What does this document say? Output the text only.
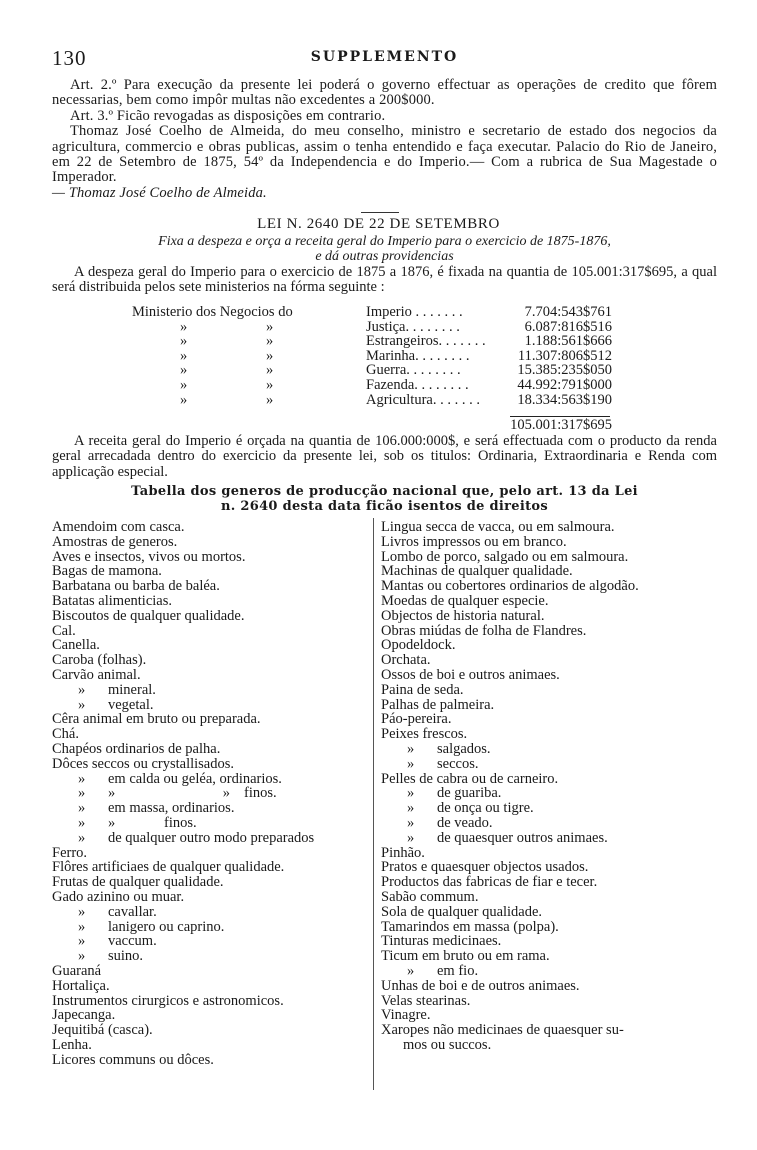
130	SUPPLEMENTO

Art. 2.º Para execução da presente lei poderá o governo effectuar as operações de credito que fôrem necessarias, bem como impôr multas não excedentes a 200$000.

Art. 3.º Ficão revogadas as disposições em contrario.

Thomaz José Coelho de Almeida, do meu conselho, ministro e secretario de estado dos negocios da agricultura, commercio e obras publicas, assim o tenha entendido e faça executar. Palacio do Rio de Janeiro, em 22 de Setembro de 1875, 54º da Independencia e do Imperio.— Com a rubrica de Sua Magestade o Imperador.

— Thomaz José Coelho de Almeida.

LEI N. 2640 DE 22 DE SETEMBRO
Fixa a despeza e orça a receita geral do Imperio para o exercicio de 1875-1876,
e dá outras providencias

A despeza geral do Imperio para o exercicio de 1875 a 1876, é fixada na quantia de 105.001:317$695, a qual será distribuida pelos sete ministerios na fórma seguinte :

Ministerio dos Negocios do	Imperio . . . . . . .	7.704:543$761
»	»	Justiça. . . . . . . .	6.087:816$516
»	»	Estrangeiros. . . . . . .	1.188:561$666
»	»	Marinha. . . . . . . .	11.307:806$512
»	»	Guerra. . . . . . . .	15.385:235$050
»	»	Fazenda. . . . . . . .	44.992:791$000
»	»	Agricultura. . . . . . .	18.334:563$190
105.001:317$695

A receita geral do Imperio é orçada na quantia de 106.000:000$, e será effectuada com o producto da renda geral arrecadada dentro do exercicio da presente lei, sob os titulos: Ordinaria, Extraordinaria e Renda com applicação especial.

Tabella dos generos de producção nacional que, pelo art. 13 da Lei
n. 2640 desta data ficão isentos de direitos
Amendoim com casca.
Amostras de generos.
Aves e insectos, vivos ou mortos.
Bagas de mamona.
Barbatana ou barba de baléa.
Batatas alimenticias.
Biscoutos de qualquer qualidade.
Cal.
Canella.
Caroba (folhas).
Carvão animal.
» mineral.
» vegetal.
Cêra animal em bruto ou preparada.
Chá.
Chapéos ordinarios de palha.
Dôces seccos ou crystallisados.
» em calda ou geléa, ordinarios.
» »	» finos.
» em massa, ordinarios.
» »	finos.
» de qualquer outro modo preparados
Ferro.
Flôres artificiaes de qualquer qualidade.
Frutas de qualquer qualidade.
Gado azinino ou muar.
» cavallar.
» lanigero ou caprino.
» vaccum.
» suino.
Guaraná
Hortaliça.
Instrumentos cirurgicos e astronomicos.
Japecanga.
Jequitibá (casca).
Lenha.
Licores communs ou dôces.
Lingua secca de vacca, ou em salmoura.
Livros impressos ou em branco.
Lombo de porco, salgado ou em salmoura.
Machinas de qualquer qualidade.
Mantas ou cobertores ordinarios de algodão.
Moedas de qualquer especie.
Objectos de historia natural.
Obras miúdas de folha de Flandres.
Opodeldock.
Orchata.
Ossos de boi e outros animaes.
Paina de seda.
Palhas de palmeira.
Páo-pereira.
Peixes frescos.
» salgados.
» seccos.
Pelles de cabra ou de carneiro.
» de guariba.
» de onça ou tigre.
» de veado.
» de quaesquer outros animaes.
Pinhão.
Pratos e quaesquer objectos usados.
Productos das fabricas de fiar e tecer.
Sabão commum.
Sola de qualquer qualidade.
Tamarindos em massa (polpa).
Tinturas medicinaes.
Ticum em bruto ou em rama.
» em fio.
Unhas de boi e de outros animaes.
Velas stearinas.
Vinagre.
Xaropes não medicinaes de quaesquer su-
mos ou succos.
